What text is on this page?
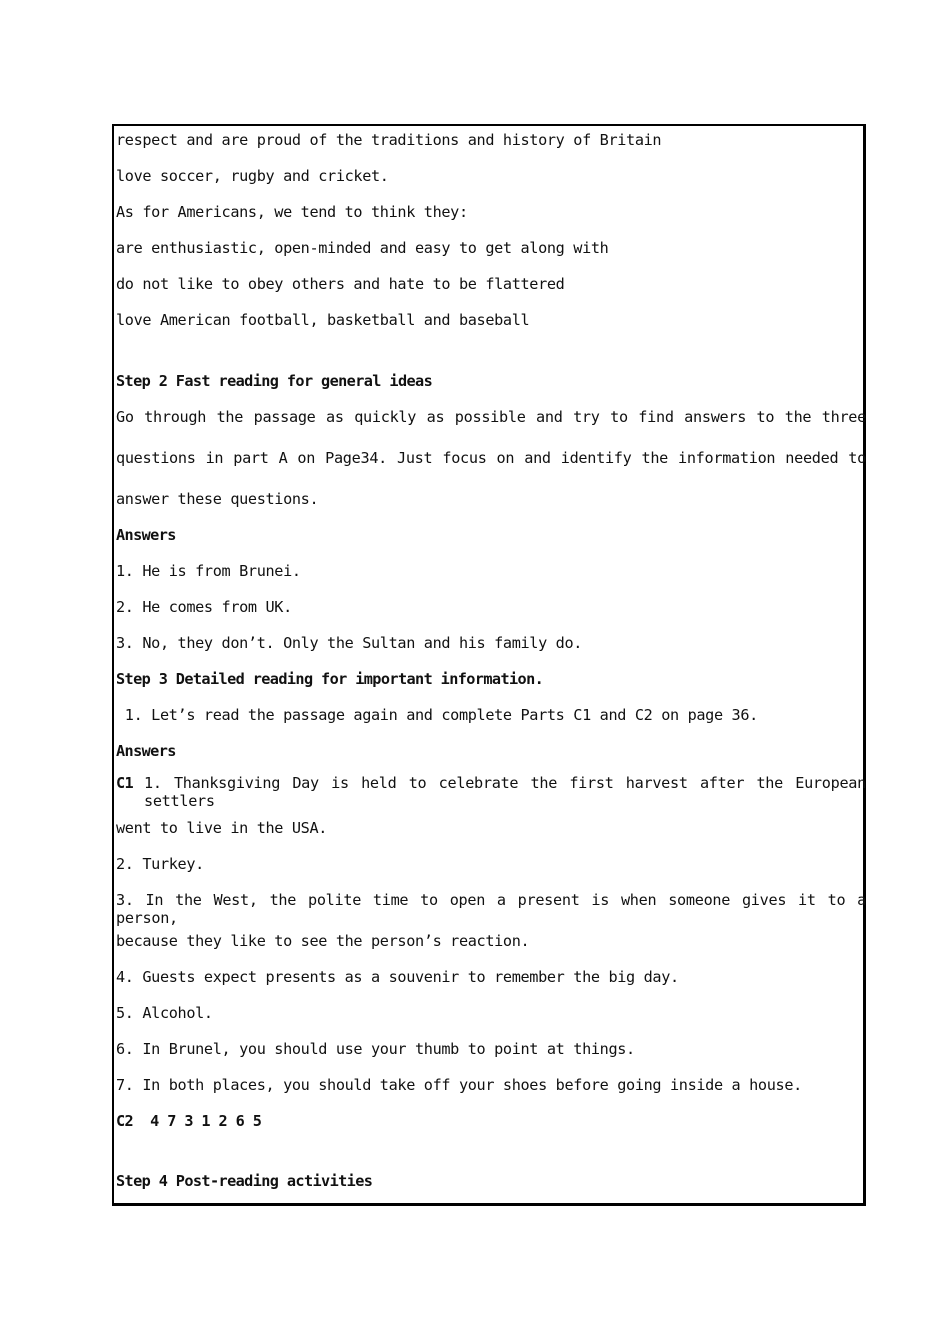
respect and are proud of the traditions and history of Britain
love soccer, rugby and cricket.
As for Americans, we tend to think they:
are enthusiastic, open-minded and easy to get along with
do not like to obey others and hate to be flattered
love American football, basketball and baseball
Step 2 Fast reading for general ideas
Go through the passage as quickly as possible and try to find answers to the three
questions in part A on Page34. Just focus on and identify the information needed to
answer these questions.
Answers
1. He is from Brunei.
2. He comes from UK.
3. No, they don’t. Only the Sultan and his family do.
Step 3 Detailed reading for important information.
1. Let’s read the passage again and complete Parts C1 and C2 on page 36.
Answers
C1 1. Thanksgiving Day is held to celebrate the first harvest after the European settlers
went to live in the USA.
2. Turkey.
3. In the West, the polite time to open a present is when someone gives it to a person,
because they like to see the person’s reaction.
4. Guests expect presents as a souvenir to remember the big day.
5. Alcohol.
6. In Brunel, you should use your thumb to point at things.
7. In both places, you should take off your shoes before going inside a house.
C2  4 7 3 1 2 6 5
Step 4 Post-reading activities
